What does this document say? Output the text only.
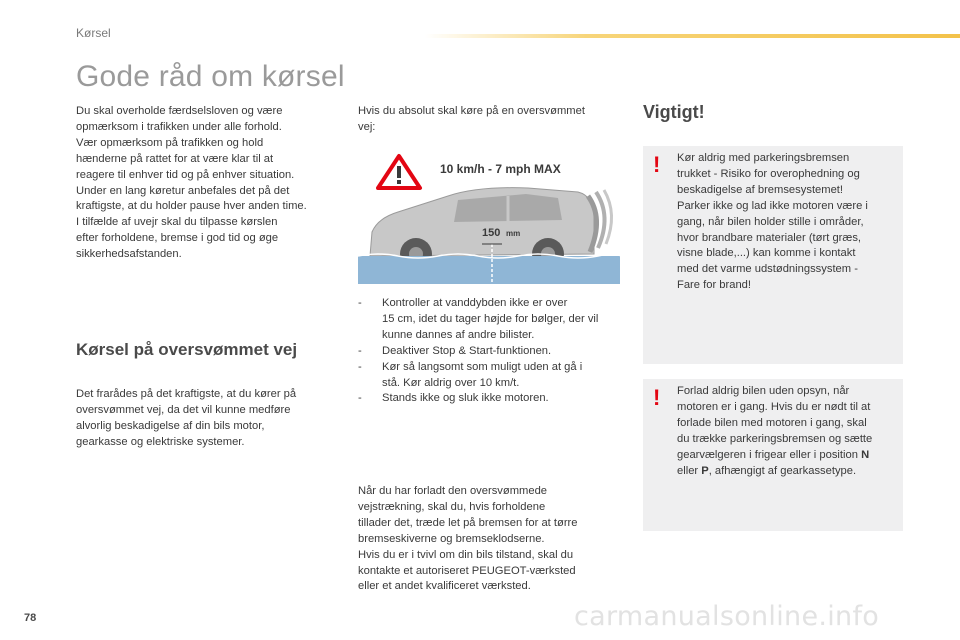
Kørsel
Gode råd om kørsel

Du skal overholde færdselsloven og være

opmærksom i trafikken under alle forhold.

Vær opmærksom på trafikken og hold

hænderne på rattet for at være klar til at

reagere til enhver tid og på enhver situation.

Under en lang køretur anbefales det på det

kraftigste, at du holder pause hver anden time.

I tilfælde af uvejr skal du tilpasse kørslen

efter forholdene, bremse i god tid og øge

sikkerhedsafstanden.

Kørsel på oversvømmet vej

Det frarådes på det kraftigste, at du kører på

oversvømmet vej, da det vil kunne medføre

alvorlig beskadigelse af din bils motor,

gearkasse og elektriske systemer.

Hvis du absolut skal køre på en oversvømmet

vej:

10 km/h - 7 mph MAX
150 mm
- Kontroller at vanddybden ikke er over
15 cm, idet du tager højde for bølger, der vil
kunne dannes af andre bilister.
- Deaktiver Stop & Start-funktionen.
- Kør så langsomt som muligt uden at gå i
stå. Kør aldrig over 10 km/t.
- Stands ikke og sluk ikke motoren.

Når du har forladt den oversvømmede

vejstrækning, skal du, hvis forholdene

tillader det, træde let på bremsen for at tørre

bremseskiverne og bremseklodserne.

Hvis du er i tvivl om din bils tilstand, skal du

kontakte et autoriseret PEUGEOT-værksted

eller et andet kvalificeret værksted.

Vigtigt!
! Kør aldrig med parkeringsbremsen

trukket - Risiko for overophedning og

beskadigelse af bremsesystemet!

Parker ikke og lad ikke motoren være i

gang, når bilen holder stille i områder,

hvor brandbare materialer (tørt græs,

visne blade,...) kan komme i kontakt

med det varme udstødningssystem -

Fare for brand!

! Forlad aldrig bilen uden opsyn, når

motoren er i gang. Hvis du er nødt til at

forlade bilen med motoren i gang, skal

du trække parkeringsbremsen og sætte

gearvælgeren i frigear eller i position N

eller P, afhængigt af gearkassetype.

78	carmanualsonline.info
